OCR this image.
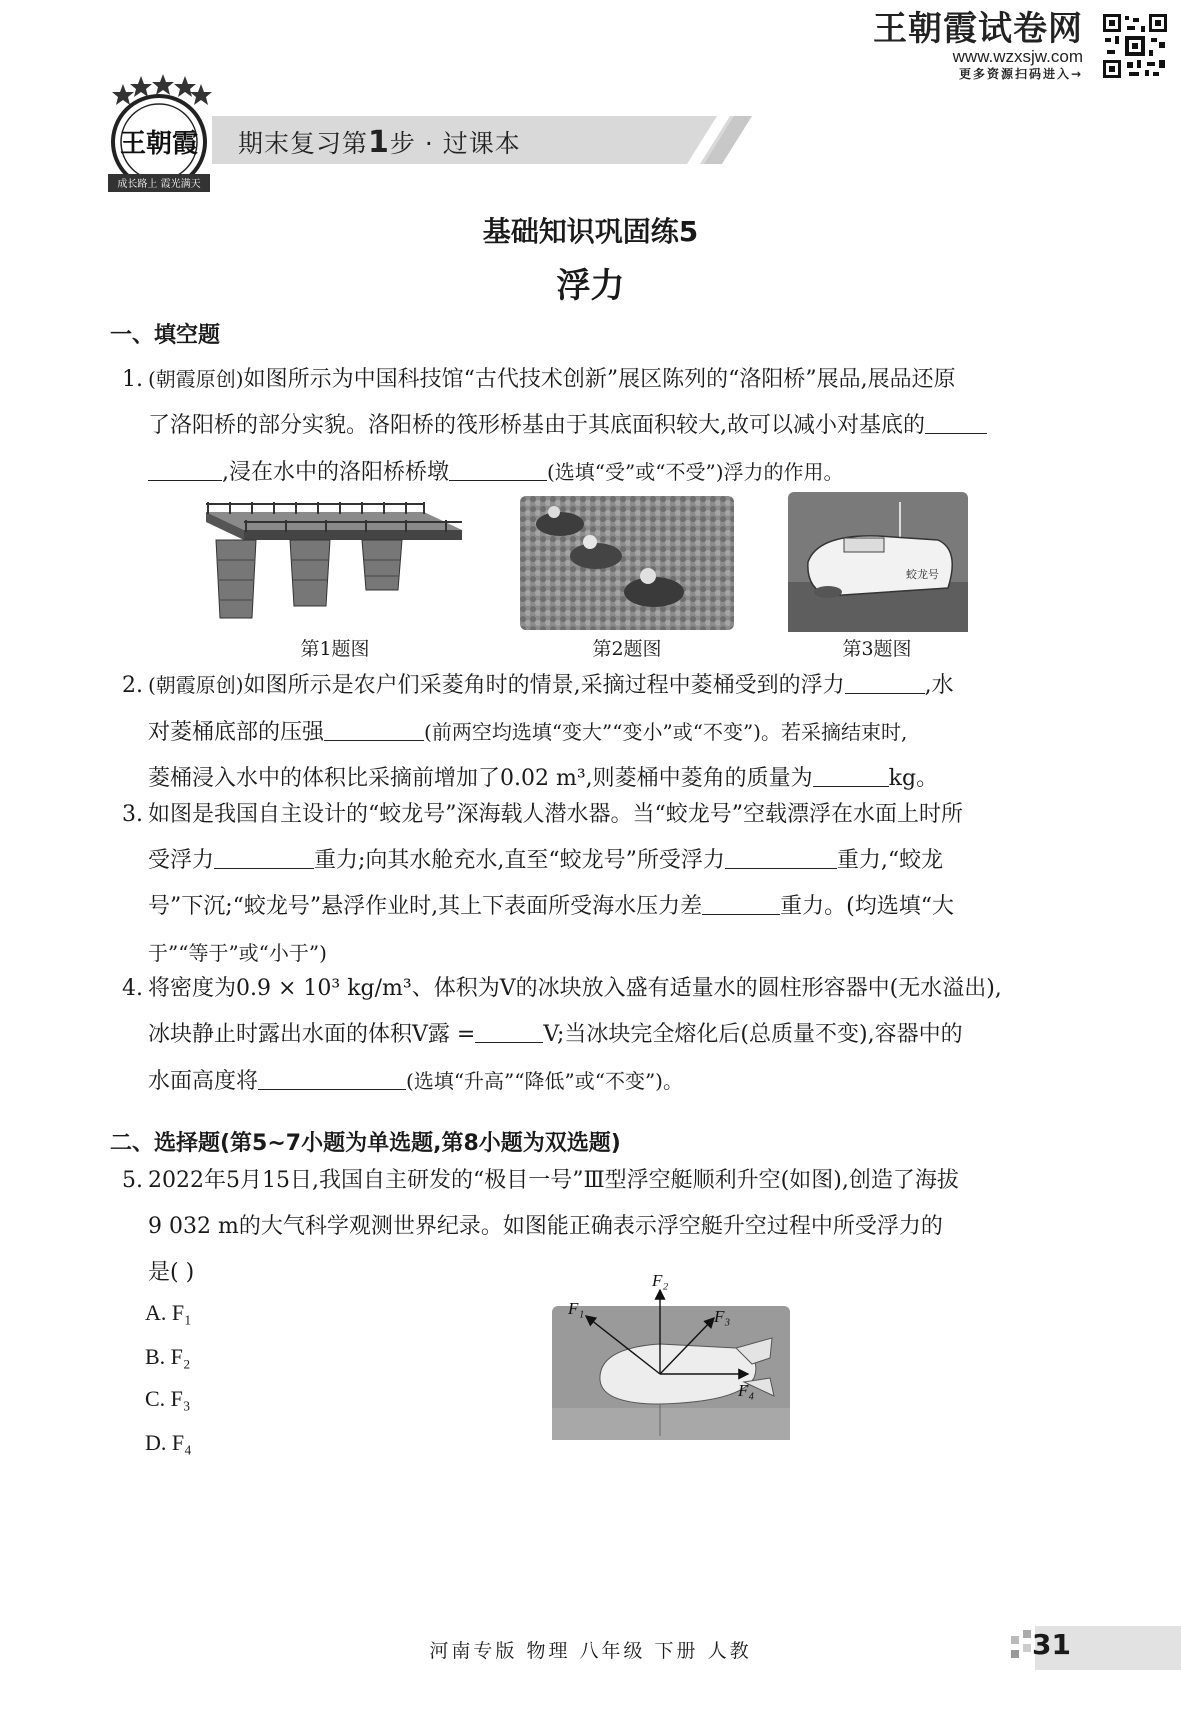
王朝霞试卷网
www.wzxsjw.com
更多资源扫码进入→
王朝霞
成长路上 霞光满天
期末复习第1步 · 过课本
基础知识巩固练5
浮力
一、填空题
1. (朝霞原创)如图所示为中国科技馆“古代技术创新”展区陈列的“洛阳桥”展品,展品还原
了洛阳桥的部分实貌。洛阳桥的筏形桥基由于其底面积较大,故可以减小对基底的
,浸在水中的洛阳桥桥墩	(选填“受”或“不受”)浮力的作用。
第1题图	第2题图
蛟龙号
第3题图
2. (朝霞原创)如图所示是农户们采菱角时的情景,采摘过程中菱桶受到的浮力	,水
对菱桶底部的压强	(前两空均选填“变大”“变小”或“不变”)。若采摘结束时,
菱桶浸入水中的体积比采摘前增加了0.02 m³,则菱桶中菱角的质量为	kg。
3. 如图是我国自主设计的“蛟龙号”深海载人潜水器。当“蛟龙号”空载漂浮在水面上时所
受浮力	重力;向其水舱充水,直至“蛟龙号”所受浮力	重力,“蛟龙
号”下沉;“蛟龙号”悬浮作业时,其上下表面所受海水压力差	重力。(均选填“大
于”“等于”或“小于”)
4. 将密度为0.9 × 10³ kg/m³、体积为V的冰块放入盛有适量水的圆柱形容器中(无水溢出),
冰块静止时露出水面的体积V露 =	V;当冰块完全熔化后(总质量不变),容器中的
水面高度将	(选填“升高”“降低”或“不变”)。
二、选择题(第5~7小题为单选题,第8小题为双选题)
5. 2022年5月15日,我国自主研发的“极目一号”Ⅲ型浮空艇顺利升空(如图),创造了海拔
9 032 m的大气科学观测世界纪录。如图能正确表示浮空艇升空过程中所受浮力的
是( )
A. F₁
B. F₂
C. F₃
D. F₄
F₁
F₂
F₃
F₄
河南专版 物理 八年级 下册 人教	31
